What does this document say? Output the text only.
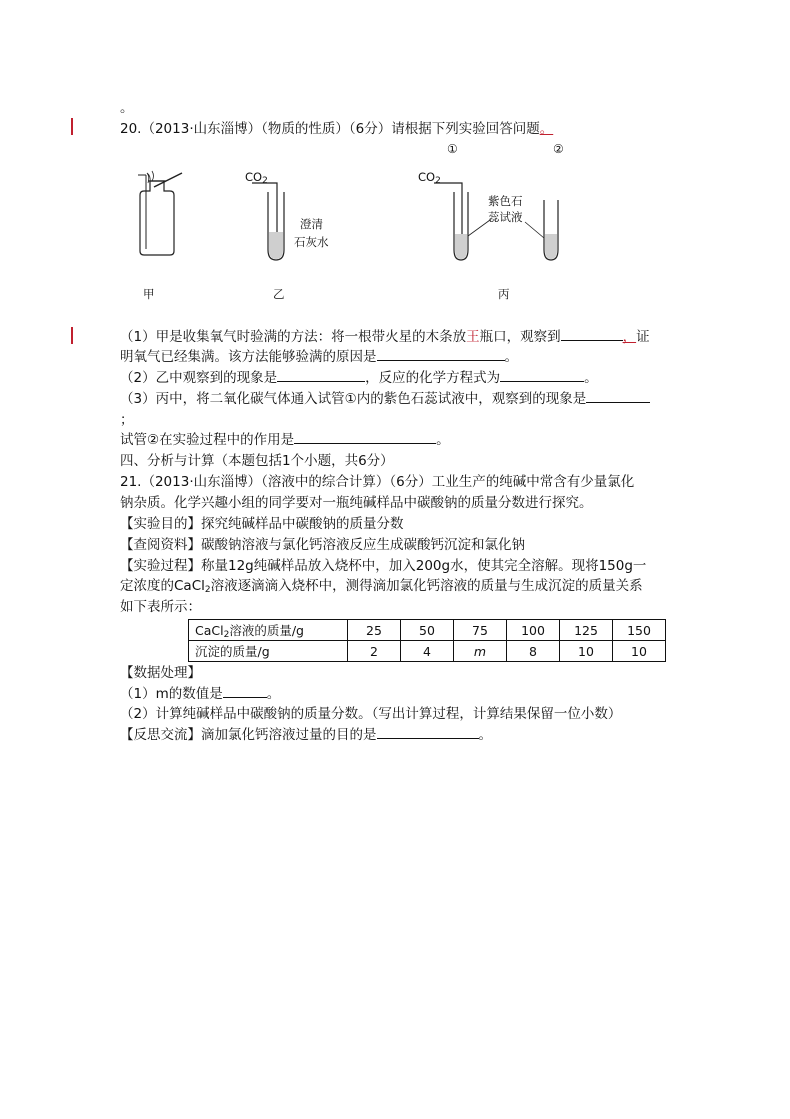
。
20.（2013·山东淄博）（物质的性质）（6分）请根据下列实验回答问题。
$CO_2$
澄清
石灰水
$CO_2$
紫色石
蕊试液
①	②
甲	乙	丙
（1）甲是收集氧气时验满的方法：将一根带火星的木条放王瓶口，观察到	，证
明氧气已经集满。该方法能够验满的原因是	。
（2）乙中观察到的现象是	，反应的化学方程式为	。
（3）丙中，将二氧化碳气体通入试管①内的紫色石蕊试液中，观察到的现象是
；
试管②在实验过程中的作用是	。
四、分析与计算（本题包括1个小题，共6分）
21.（2013·山东淄博）（溶液中的综合计算）（6分）工业生产的纯碱中常含有少量氯化
钠杂质。化学兴趣小组的同学要对一瓶纯碱样品中碳酸钠的质量分数进行探究。
【实验目的】探究纯碱样品中碳酸钠的质量分数
【查阅资料】碳酸钠溶液与氯化钙溶液反应生成碳酸钙沉淀和氯化钠
【实验过程】称量12g纯碱样品放入烧杯中，加入200g水，使其完全溶解。现将150g一
定浓度的CaCl$_2$溶液逐滴滴入烧杯中，测得滴加氯化钙溶液的质量与生成沉淀的质量关系
如下表所示：
CaCl$_2$溶液的质量/g	25	50	75	100	125	150
沉淀的质量/g	2	4	m	8	10	10
【数据处理】
（1）m的数值是	。
（2）计算纯碱样品中碳酸钠的质量分数。（写出计算过程，计算结果保留一位小数）
【反思交流】滴加氯化钙溶液过量的目的是	。
